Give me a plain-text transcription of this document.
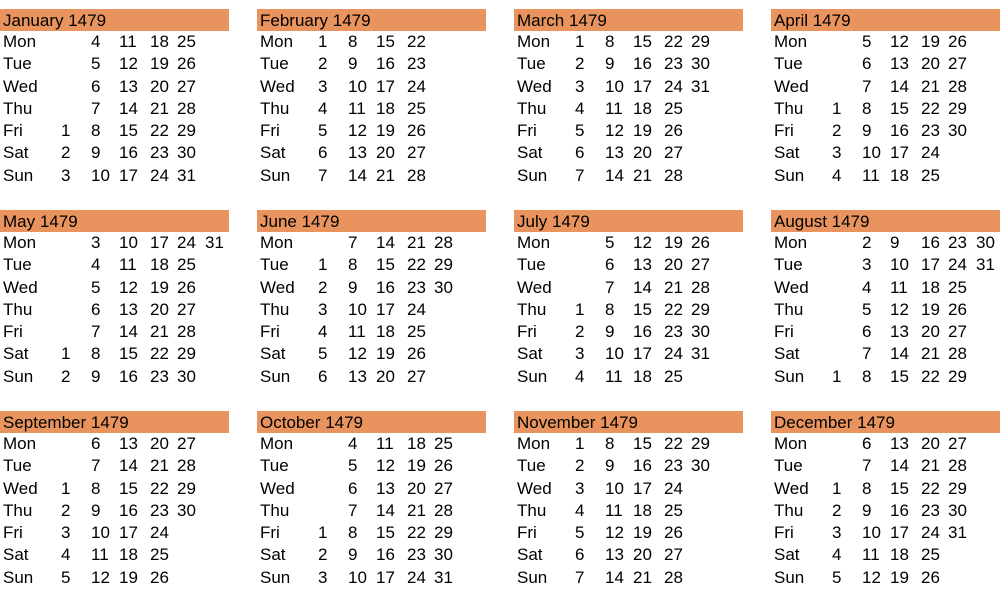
January 1479
Mon	4 11 18 25
Tue	5 12 19 26
Wed	6 13 20 27
Thu	7 14 21 28
Fri 1 8 15 22 29
Sat 2 9 16 23 30
Sun 3 10 17 24 31
February 1479
Mon 1 8 15 22
Tue 2 9 16 23
Wed 3 10 17 24
Thu 4 11 18 25
Fri 5 12 19 26
Sat 6 13 20 27
Sun 7 14 21 28
March 1479
Mon 1 8 15 22 29
Tue 2 9 16 23 30
Wed 3 10 17 24 31
Thu 4 11 18 25
Fri 5 12 19 26
Sat 6 13 20 27
Sun 7 14 21 28
April 1479
Mon	5 12 19 26
Tue	6 13 20 27
Wed	7 14 21 28
Thu 1 8 15 22 29
Fri 2 9 16 23 30
Sat 3 10 17 24
Sun 4 11 18 25
May 1479
Mon	3 10 17 24 31
Tue	4 11 18 25
Wed	5 12 19 26
Thu	6 13 20 27
Fri	7 14 21 28
Sat 1 8 15 22 29
Sun 2 9 16 23 30
June 1479
Mon	7 14 21 28
Tue 1 8 15 22 29
Wed 2 9 16 23 30
Thu 3 10 17 24
Fri 4 11 18 25
Sat 5 12 19 26
Sun 6 13 20 27
July 1479
Mon	5 12 19 26
Tue	6 13 20 27
Wed	7 14 21 28
Thu 1 8 15 22 29
Fri 2 9 16 23 30
Sat 3 10 17 24 31
Sun 4 11 18 25
August 1479
Mon	2 9 16 23 30
Tue	3 10 17 24 31
Wed	4 11 18 25
Thu	5 12 19 26
Fri	6 13 20 27
Sat	7 14 21 28
Sun 1 8 15 22 29
September 1479
Mon	6 13 20 27
Tue	7 14 21 28
Wed 1 8 15 22 29
Thu 2 9 16 23 30
Fri 3 10 17 24
Sat 4 11 18 25
Sun 5 12 19 26
October 1479
Mon	4 11 18 25
Tue	5 12 19 26
Wed	6 13 20 27
Thu	7 14 21 28
Fri 1 8 15 22 29
Sat 2 9 16 23 30
Sun 3 10 17 24 31
November 1479
Mon 1 8 15 22 29
Tue 2 9 16 23 30
Wed 3 10 17 24
Thu 4 11 18 25
Fri 5 12 19 26
Sat 6 13 20 27
Sun 7 14 21 28
December 1479
Mon	6 13 20 27
Tue	7 14 21 28
Wed 1 8 15 22 29
Thu 2 9 16 23 30
Fri 3 10 17 24 31
Sat 4 11 18 25
Sun 5 12 19 26
